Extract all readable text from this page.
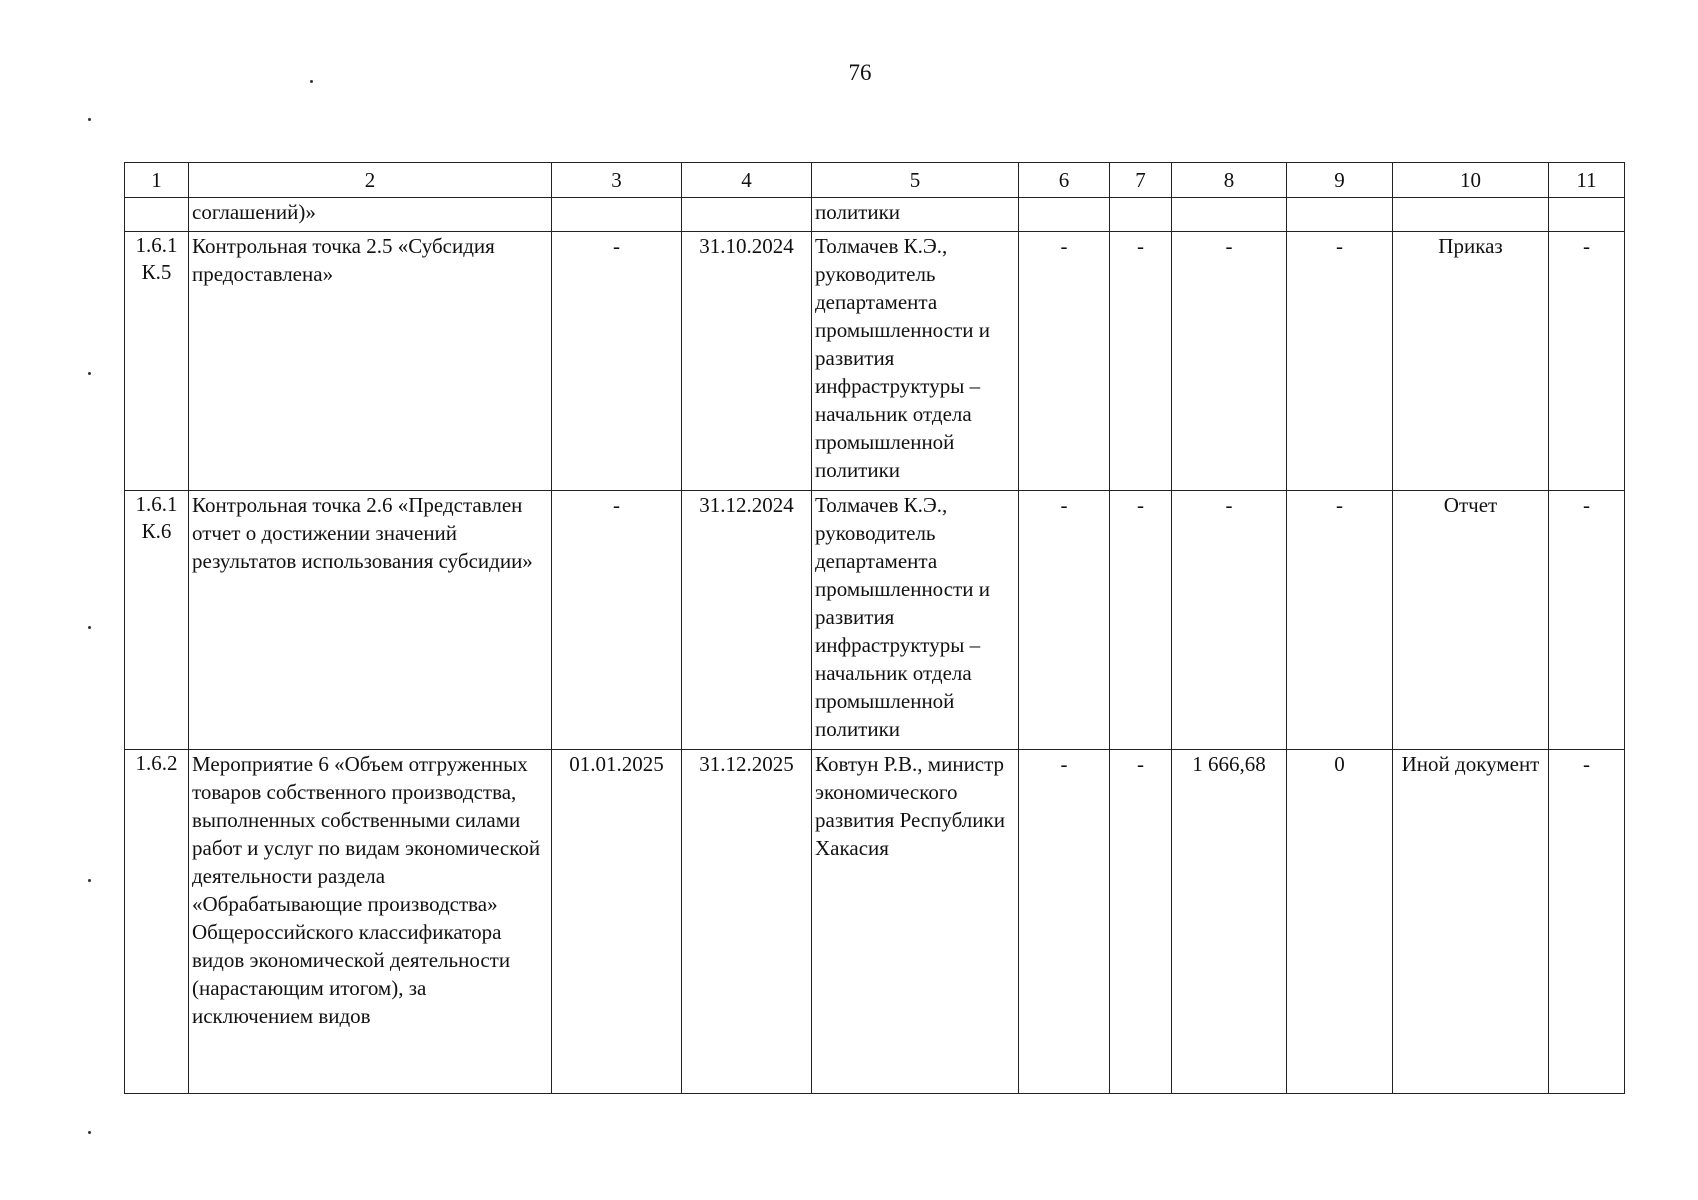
76
1	2	3	4	5	6	7	8	9	10	11
	соглашений)»			политики						
1.6.1 К.5	Контрольная точка 2.5 «Субсидия предоставлена»	-	31.10.2024	Толмачев К.Э., руководитель департамента промышленности и развития инфраструктуры – начальник отдела промышленной политики	-	-	-	-	Приказ	-
1.6.1 К.6	Контрольная точка 2.6 «Представлен отчет о достижении значений результатов использования субсидии»	-	31.12.2024	Толмачев К.Э., руководитель департамента промышленности и развития инфраструктуры – начальник отдела промышленной политики	-	-	-	-	Отчет	-
1.6.2	Мероприятие 6 «Объем отгруженных товаров собственного производства, выполненных собственными силами работ и услуг по видам экономической деятельности раздела «Обрабатывающие производства» Общероссийского классификатора видов экономической деятельности (нарастающим итогом), за исключением видов	01.01.2025	31.12.2025	Ковтун Р.В., министр экономического развития Республики Хакасия	-	-	1 666,68	0	Иной документ	-
